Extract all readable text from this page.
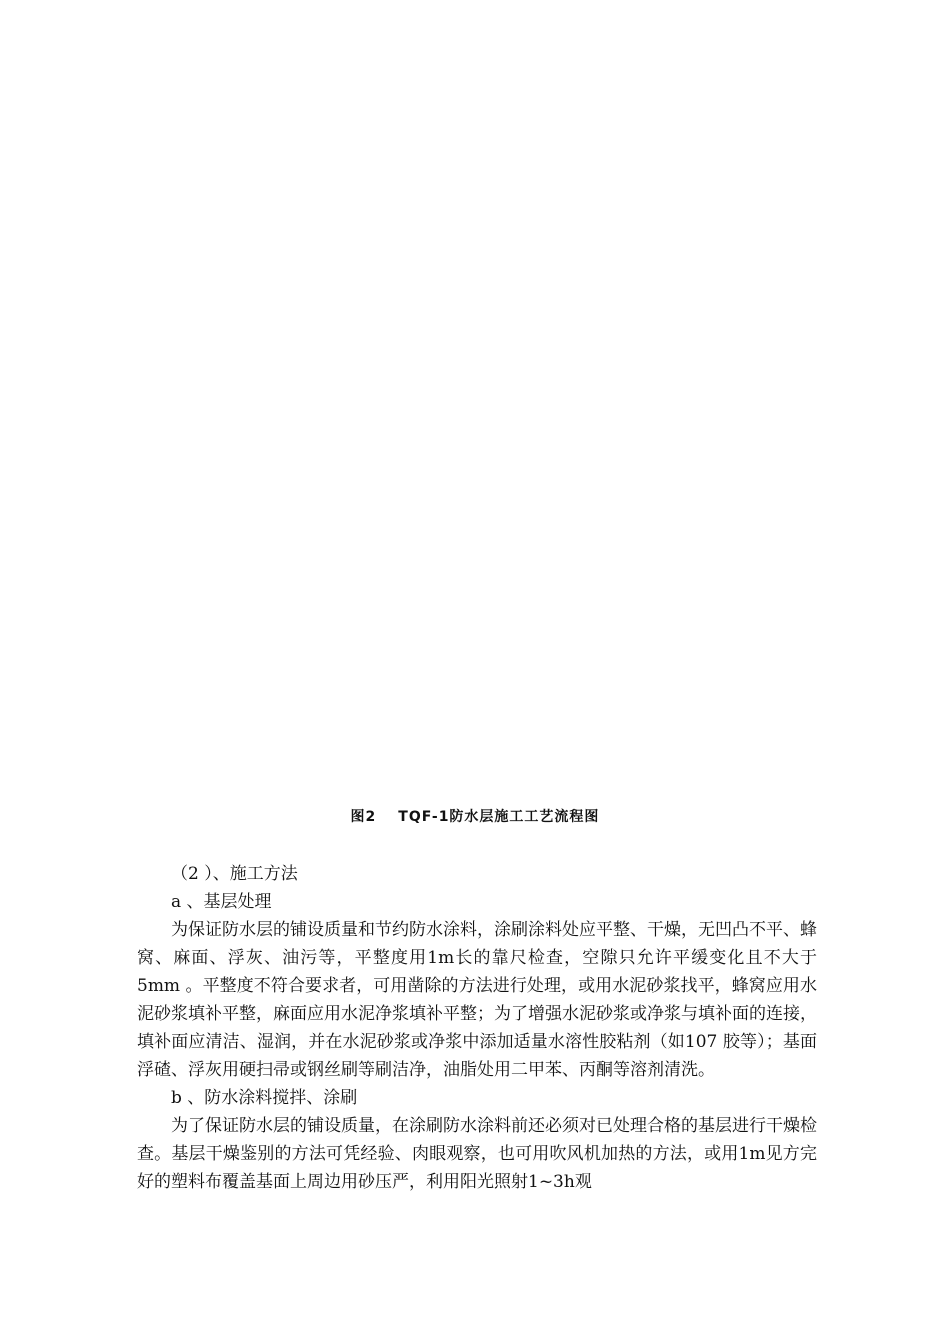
图2 TQF-1防水层施工工艺流程图

（2 ）、施工方法

a 、基层处理

为保证防水层的铺设质量和节约防水涂料，涂刷涂料处应平整、干燥，无凹凸不平、蜂窝、麻面、浮灰、油污等，平整度用1m长的靠尺检查，空隙只允许平缓变化且不大于5mm 。平整度不符合要求者，可用凿除的方法进行处理，或用水泥砂浆找平，蜂窝应用水泥砂浆填补平整，麻面应用水泥净浆填补平整；为了增强水泥砂浆或净浆与填补面的连接，填补面应清洁、湿润，并在水泥砂浆或净浆中添加适量水溶性胶粘剂（如107 胶等）；基面浮碴、浮灰用硬扫帚或钢丝刷等刷洁净，油脂处用二甲苯、丙酮等溶剂清洗。

b 、防水涂料搅拌、涂刷

为了保证防水层的铺设质量，在涂刷防水涂料前还必须对已处理合格的基层进行干燥检查。基层干燥鉴别的方法可凭经验、肉眼观察，也可用吹风机加热的方法，或用1m见方完好的塑料布覆盖基面上周边用砂压严，利用阳光照射1~3h观
